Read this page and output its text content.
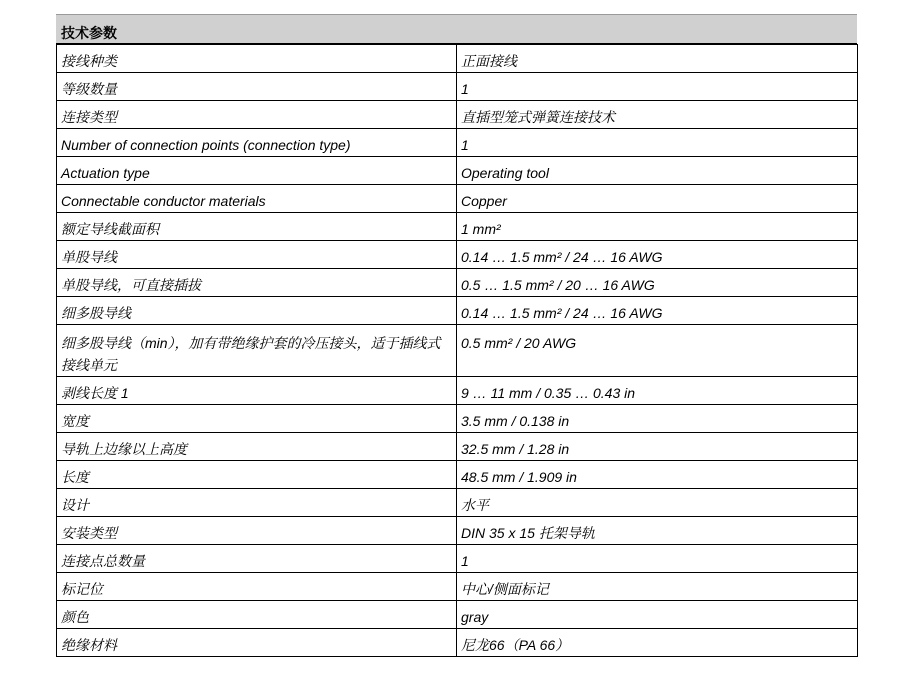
技术参数
接线种类	正面接线
等级数量	1
连接类型	直插型笼式弹簧连接技术
Number of connection points (connection type)	1
Actuation type	Operating tool
Connectable conductor materials	Copper
额定导线截面积	1 mm²
单股导线	0.14 … 1.5 mm² / 24 … 16 AWG
单股导线，可直接插拔	0.5 … 1.5 mm² / 20 … 16 AWG
细多股导线	0.14 … 1.5 mm² / 24 … 16 AWG
细多股导线（min），加有带绝缘护套的冷压接头，适于插线式接线单元	0.5 mm² / 20 AWG
剥线长度 1	9 … 11 mm / 0.35 … 0.43 in
宽度	3.5 mm / 0.138 in
导轨上边缘以上高度	32.5 mm / 1.28 in
长度	48.5 mm / 1.909 in
设计	水平
安装类型	DIN 35 x 15 托架导轨
连接点总数量	1
标记位	中心/侧面标记
颜色	gray
绝缘材料	尼龙66（PA 66）
